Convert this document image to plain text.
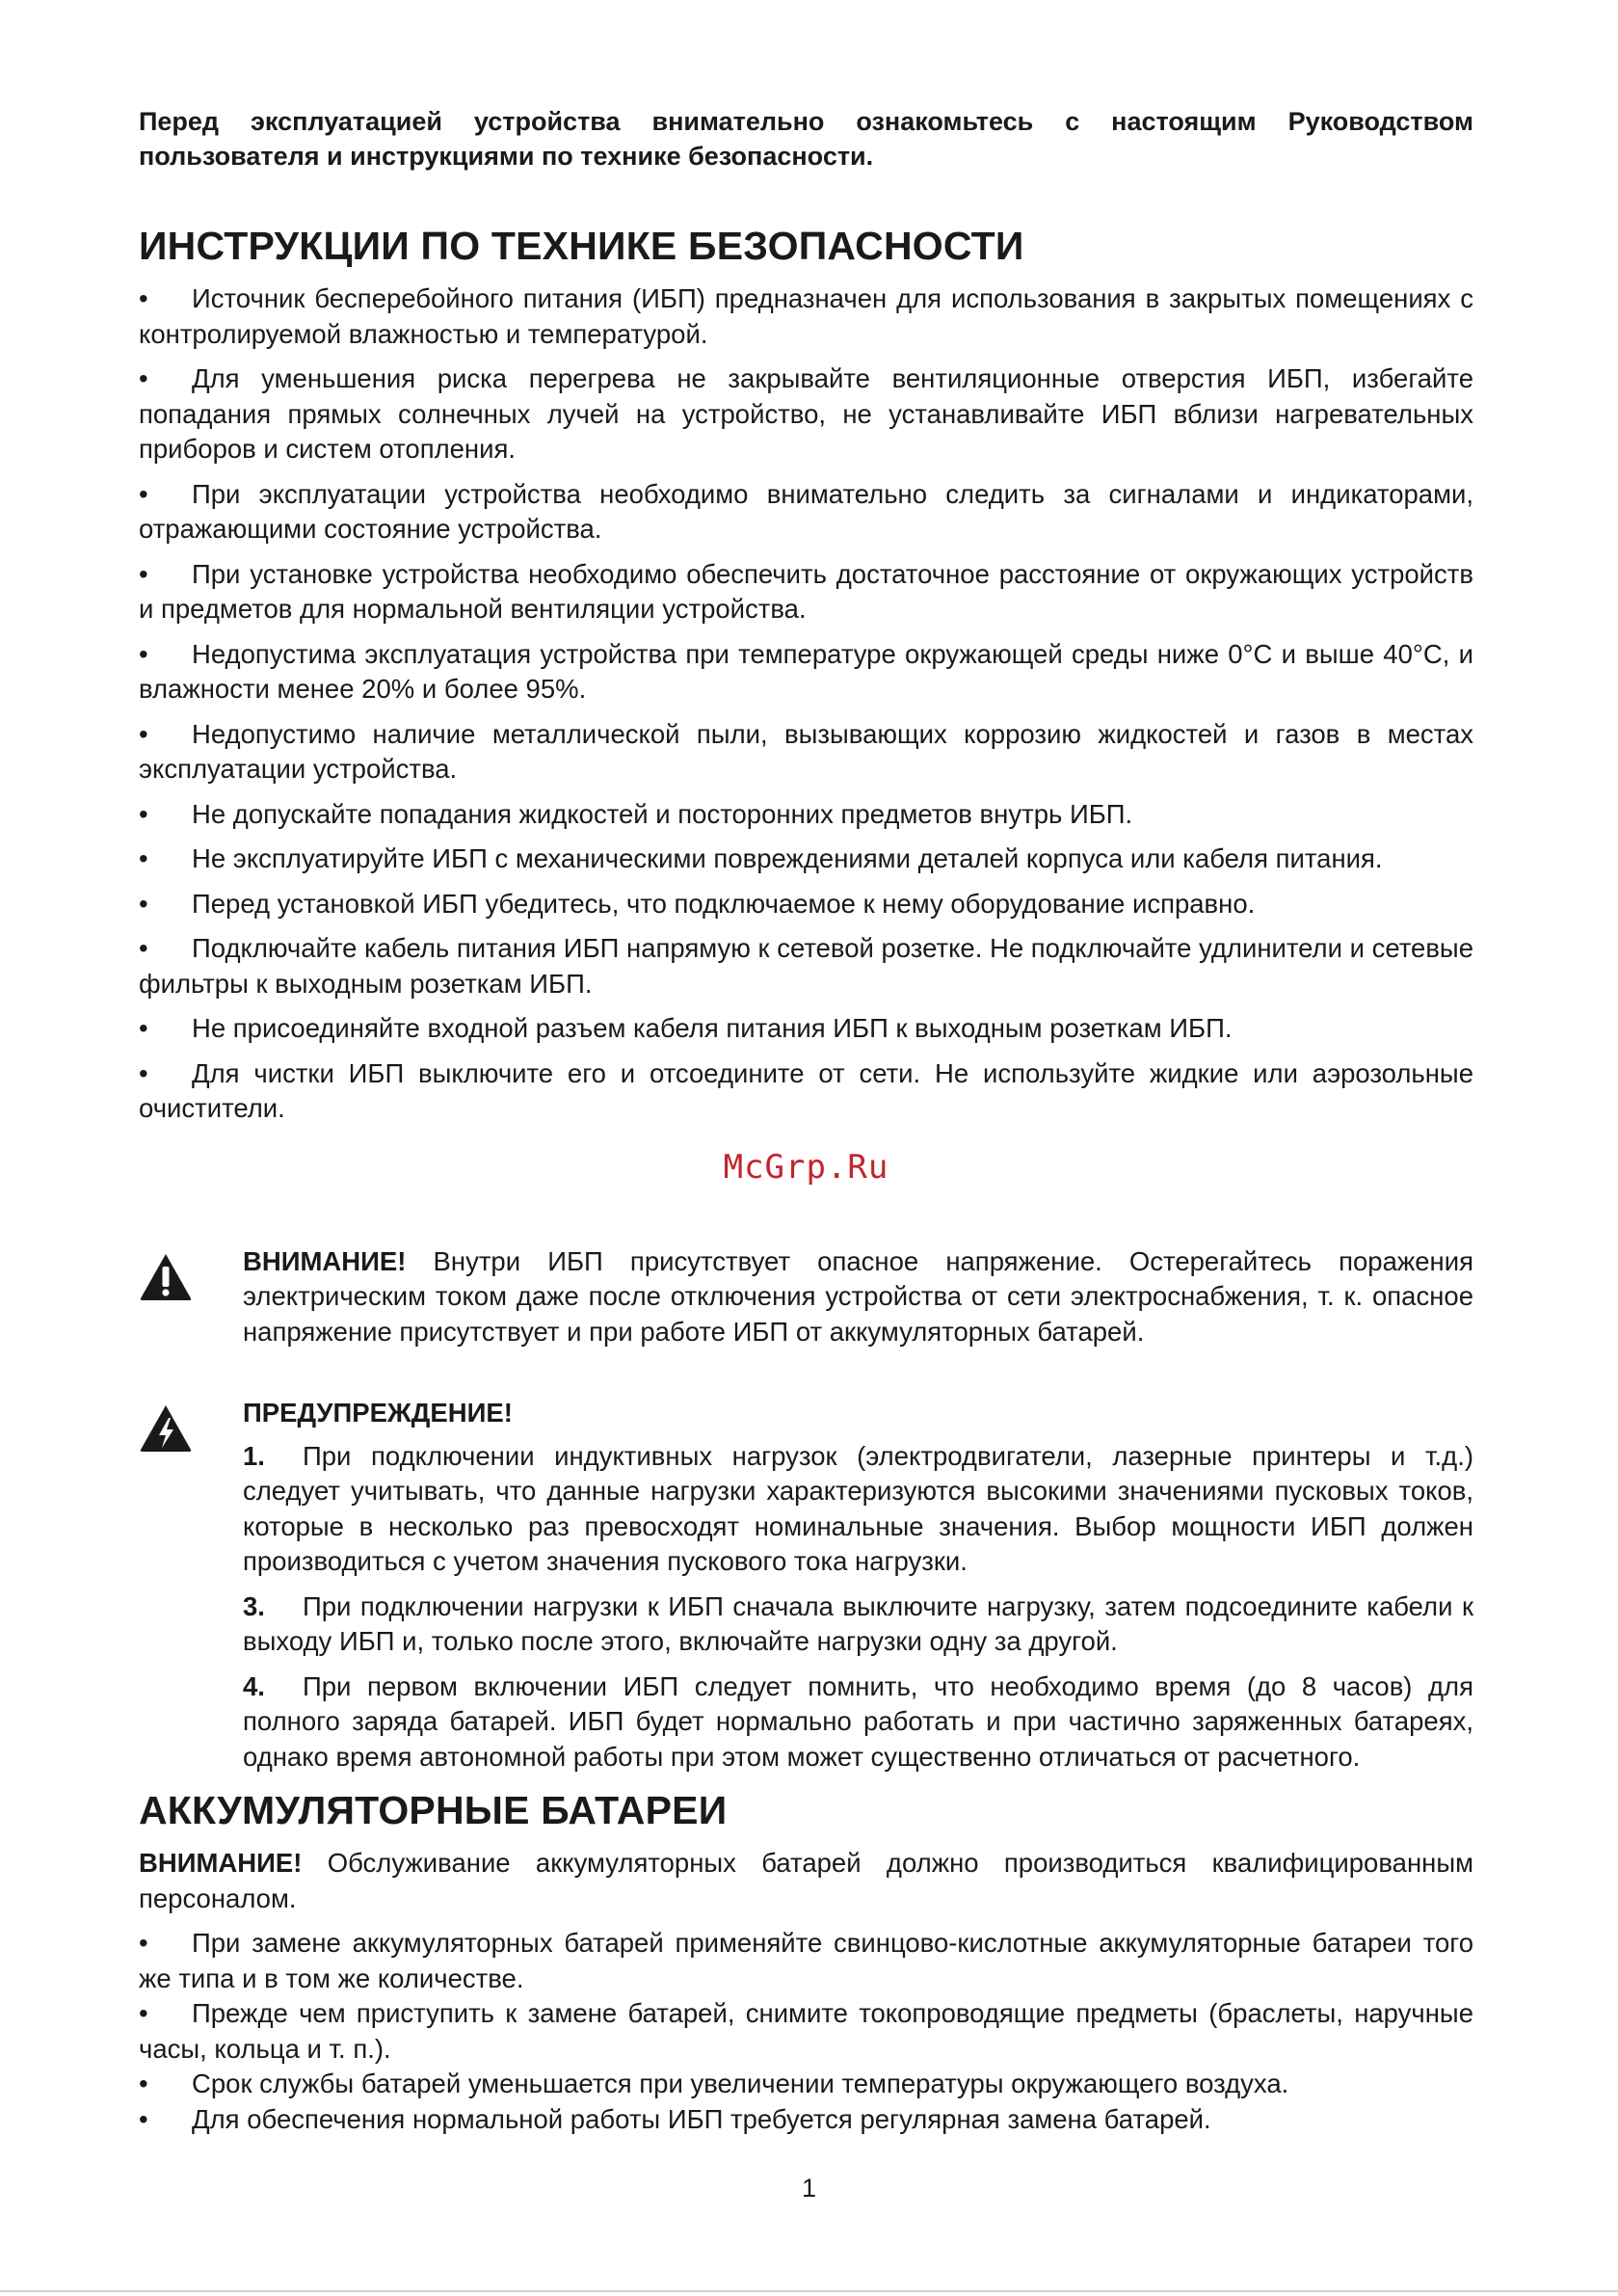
Перед эксплуатацией устройства внимательно ознакомьтесь с настоящим Руководством пользователя и инструкциями по технике безопасности.

ИНСТРУКЦИИ ПО ТЕХНИКЕ БЕЗОПАСНОСТИ
• Источник бесперебойного питания (ИБП) предназначен для использования в закрытых помещениях с контролируемой влажностью и температурой.
• Для уменьшения риска перегрева не закрывайте вентиляционные отверстия ИБП, избегайте попадания прямых солнечных лучей на устройство, не устанавливайте ИБП вблизи нагревательных приборов и систем отопления.
• При эксплуатации устройства необходимо внимательно следить за сигналами и индикаторами, отражающими состояние устройства.
• При установке устройства необходимо обеспечить достаточное расстояние от окружающих устройств и предметов для нормальной вентиляции устройства.
• Недопустима эксплуатация устройства при температуре окружающей среды ниже 0°С и выше 40°С, и влажности менее 20% и более 95%.
• Недопустимо наличие металлической пыли, вызывающих коррозию жидкостей и газов в местах эксплуатации устройства.
• Не допускайте попадания жидкостей и посторонних предметов внутрь ИБП.
• Не эксплуатируйте ИБП с механическими повреждениями деталей корпуса или кабеля питания.
• Перед установкой ИБП убедитесь, что подключаемое к нему оборудование исправно.
• Подключайте кабель питания ИБП напрямую к сетевой розетке. Не подключайте удлинители и сетевые фильтры к выходным розеткам ИБП.
• Не присоединяйте входной разъем кабеля питания ИБП к выходным розеткам ИБП.
• Для чистки ИБП выключите его и отсоедините от сети. Не используйте жидкие или аэрозольные очистители.
McGrp.Ru
ВНИМАНИЕ! Внутри ИБП присутствует опасное напряжение. Остерегайтесь поражения электрическим током даже после отключения устройства от сети электроснабжения, т. к. опасное напряжение присутствует и при работе ИБП от аккумуляторных батарей.
ПРЕДУПРЕЖДЕНИЕ!
1. При подключении индуктивных нагрузок (электродвигатели, лазерные принтеры и т.д.) следует учитывать, что данные нагрузки характеризуются высокими значениями пусковых токов, которые в несколько раз превосходят номинальные значения. Выбор мощности ИБП должен производиться с учетом значения пускового тока нагрузки.
3. При подключении нагрузки к ИБП сначала выключите нагрузку, затем подсоедините кабели к выходу ИБП и, только после этого, включайте нагрузки одну за другой.
4. При первом включении ИБП следует помнить, что необходимо время (до 8 часов) для полного заряда батарей. ИБП будет нормально работать и при частично заряженных батареях, однако время автономной работы при этом может существенно отличаться от расчетного.
АККУМУЛЯТОРНЫЕ БАТАРЕИ

ВНИМАНИЕ! Обслуживание аккумуляторных батарей должно производиться квалифицированным персоналом.

• При замене аккумуляторных батарей применяйте свинцово-кислотные аккумуляторные батареи того же типа и в том же количестве.
• Прежде чем приступить к замене батарей, снимите токопроводящие предметы (браслеты, наручные часы, кольца и т. п.).
• Срок службы батарей уменьшается при увеличении температуры окружающего воздуха.
• Для обеспечения нормальной работы ИБП требуется регулярная замена батарей.
1
